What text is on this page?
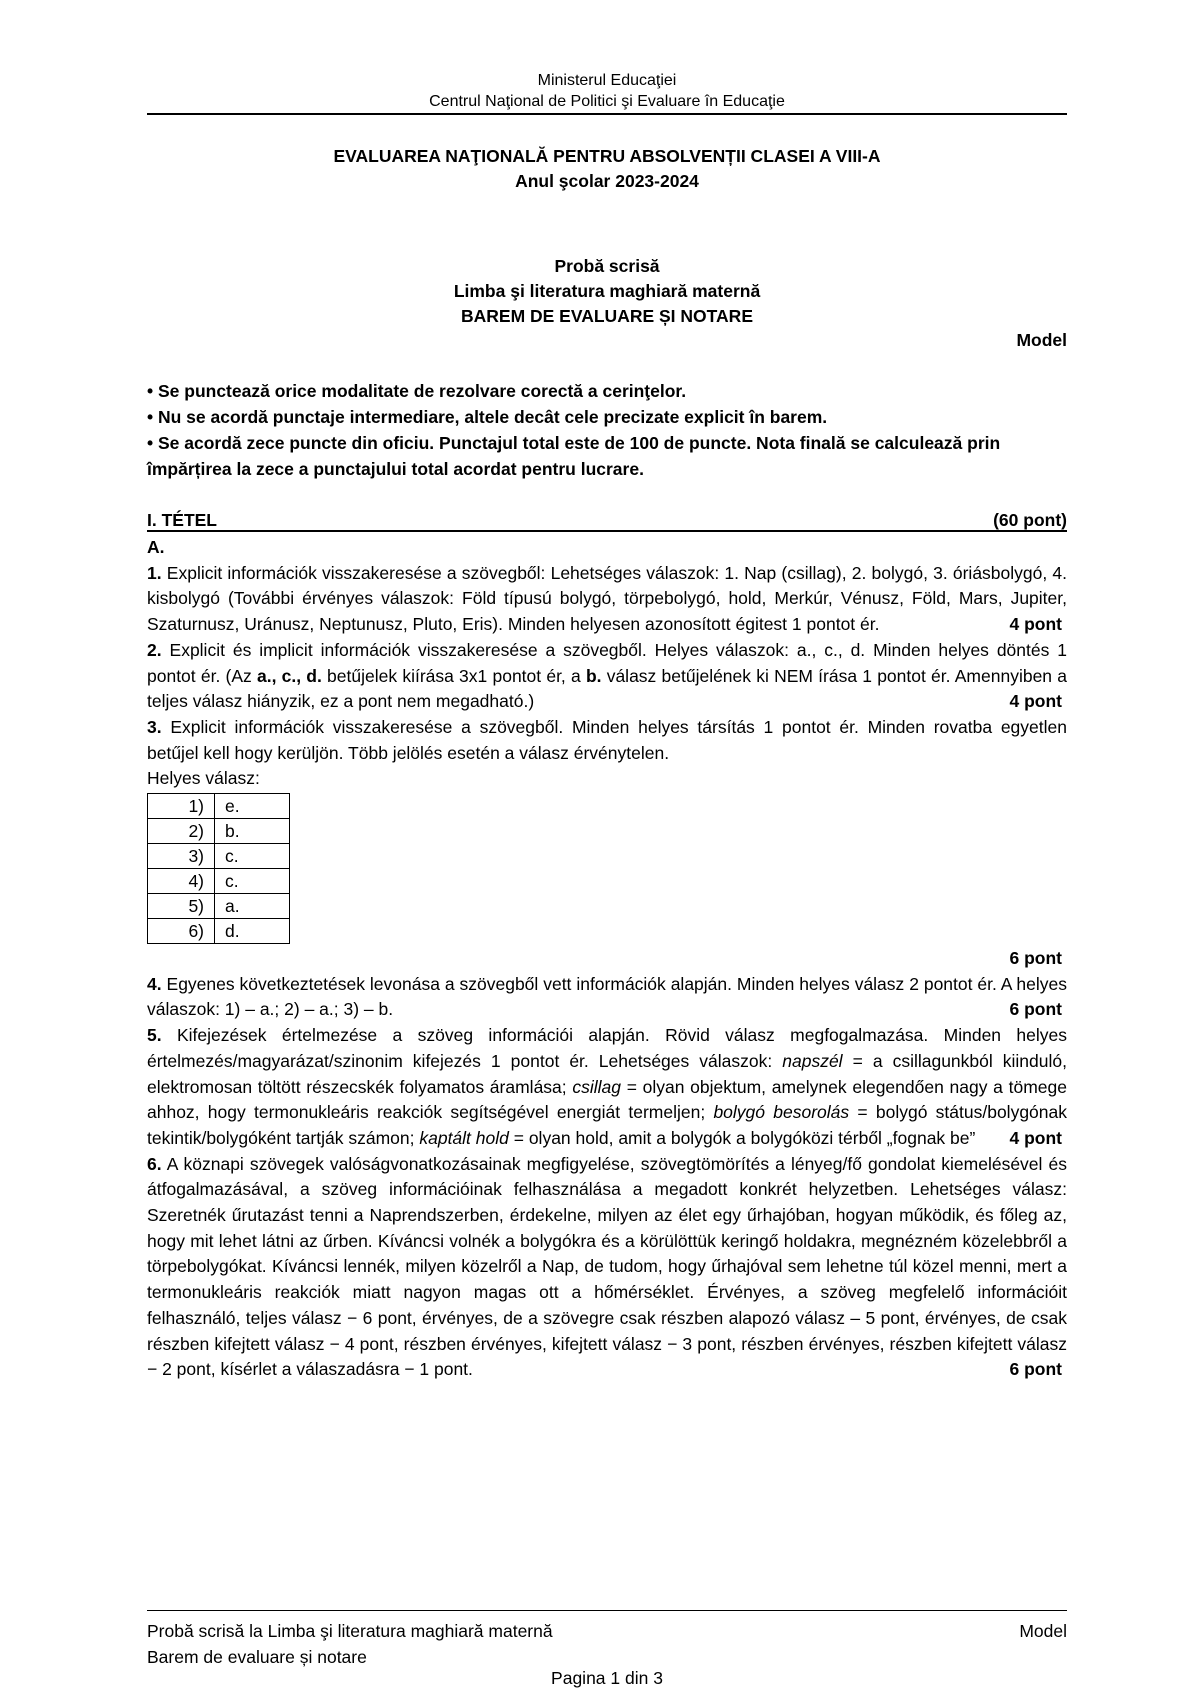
Ministerul Educaţiei
Centrul Naţional de Politici şi Evaluare în Educaţie
EVALUAREA NAŢIONALĂ PENTRU ABSOLVENȚII CLASEI A VIII-A
Anul şcolar 2023-2024
Probă scrisă
Limba şi literatura maghiară maternă
BAREM DE EVALUARE ȘI NOTARE
Model
• Se punctează orice modalitate de rezolvare corectă a cerinţelor.
• Nu se acordă punctaje intermediare, altele decât cele precizate explicit în barem.
• Se acordă zece puncte din oficiu. Punctajul total este de 100 de puncte. Nota finală se calculează prin împărțirea la zece a punctajului total acordat pentru lucrare.
I. TÉTEL	(60 pont)
A.

1. Explicit információk visszakeresése a szövegből: Lehetséges válaszok: 1. Nap (csillag), 2. bolygó, 3. óriásbolygó, 4. kisbolygó (További érvényes válaszok: Föld típusú bolygó, törpebolygó, hold, Merkúr, Vénusz, Föld, Mars, Jupiter, Szaturnusz, Uránusz, Neptunusz, Pluto, Eris). Minden helyesen azonosított égitest 1 pontot ér.	4 pont

2. Explicit és implicit információk visszakeresése a szövegből. Helyes válaszok: a., c., d. Minden helyes döntés 1 pontot ér. (Az a., c., d. betűjelek kiírása 3x1 pontot ér, a b. válasz betűjelének ki NEM írása 1 pontot ér. Amennyiben a teljes válasz hiányzik, ez a pont nem megadható.)	4 pont

3. Explicit információk visszakeresése a szövegből. Minden helyes társítás 1 pontot ér. Minden rovatba egyetlen betűjel kell hogy kerüljön. Több jelölés esetén a válasz érvénytelen.

Helyes válasz:
1)	e.
2)	b.
3)	c.
4)	c.
5)	a.
6)	d.
6 pont

4. Egyenes következtetések levonása a szövegből vett információk alapján. Minden helyes válasz 2 pontot ér. A helyes válaszok: 1) – a.; 2) – a.; 3) – b.	6 pont

5. Kifejezések értelmezése a szöveg információi alapján. Rövid válasz megfogalmazása. Minden helyes értelmezés/magyarázat/szinonim kifejezés 1 pontot ér. Lehetséges válaszok: napszél = a csillagunkból kiinduló, elektromosan töltött részecskék folyamatos áramlása; csillag = olyan objektum, amelynek elegendően nagy a tömege ahhoz, hogy termonukleáris reakciók segítségével energiát termeljen; bolygó besorolás = bolygó státus/bolygónak tekintik/bolygóként tartják számon; kaptált hold = olyan hold, amit a bolygók a bolygóközi térből „fognak be” 4 pont

6. A köznapi szövegek valóságvonatkozásainak megfigyelése, szövegtömörítés a lényeg/fő gondolat kiemelésével és átfogalmazásával, a szöveg információinak felhasználása a megadott konkrét helyzetben. Lehetséges válasz: Szeretnék űrutazást tenni a Naprendszerben, érdekelne, milyen az élet egy űrhajóban, hogyan működik, és főleg az, hogy mit lehet látni az űrben. Kíváncsi volnék a bolygókra és a körülöttük keringő holdakra, megnézném közelebbről a törpebolygókat. Kíváncsi lennék, milyen közelről a Nap, de tudom, hogy űrhajóval sem lehetne túl közel menni, mert a termonukleáris reakciók miatt nagyon magas ott a hőmérséklet. Érvényes, a szöveg megfelelő információit felhasználó, teljes válasz − 6 pont, érvényes, de a szövegre csak részben alapozó válasz – 5 pont, érvényes, de csak részben kifejtett válasz − 4 pont, részben érvényes, kifejtett válasz − 3 pont, részben érvényes, részben kifejtett válasz − 2 pont, kísérlet a válaszadásra − 1 pont.	6 pont

Probă scrisă la Limba şi literatura maghiară maternă
Barem de evaluare și notare
Model
Pagina 1 din 3
